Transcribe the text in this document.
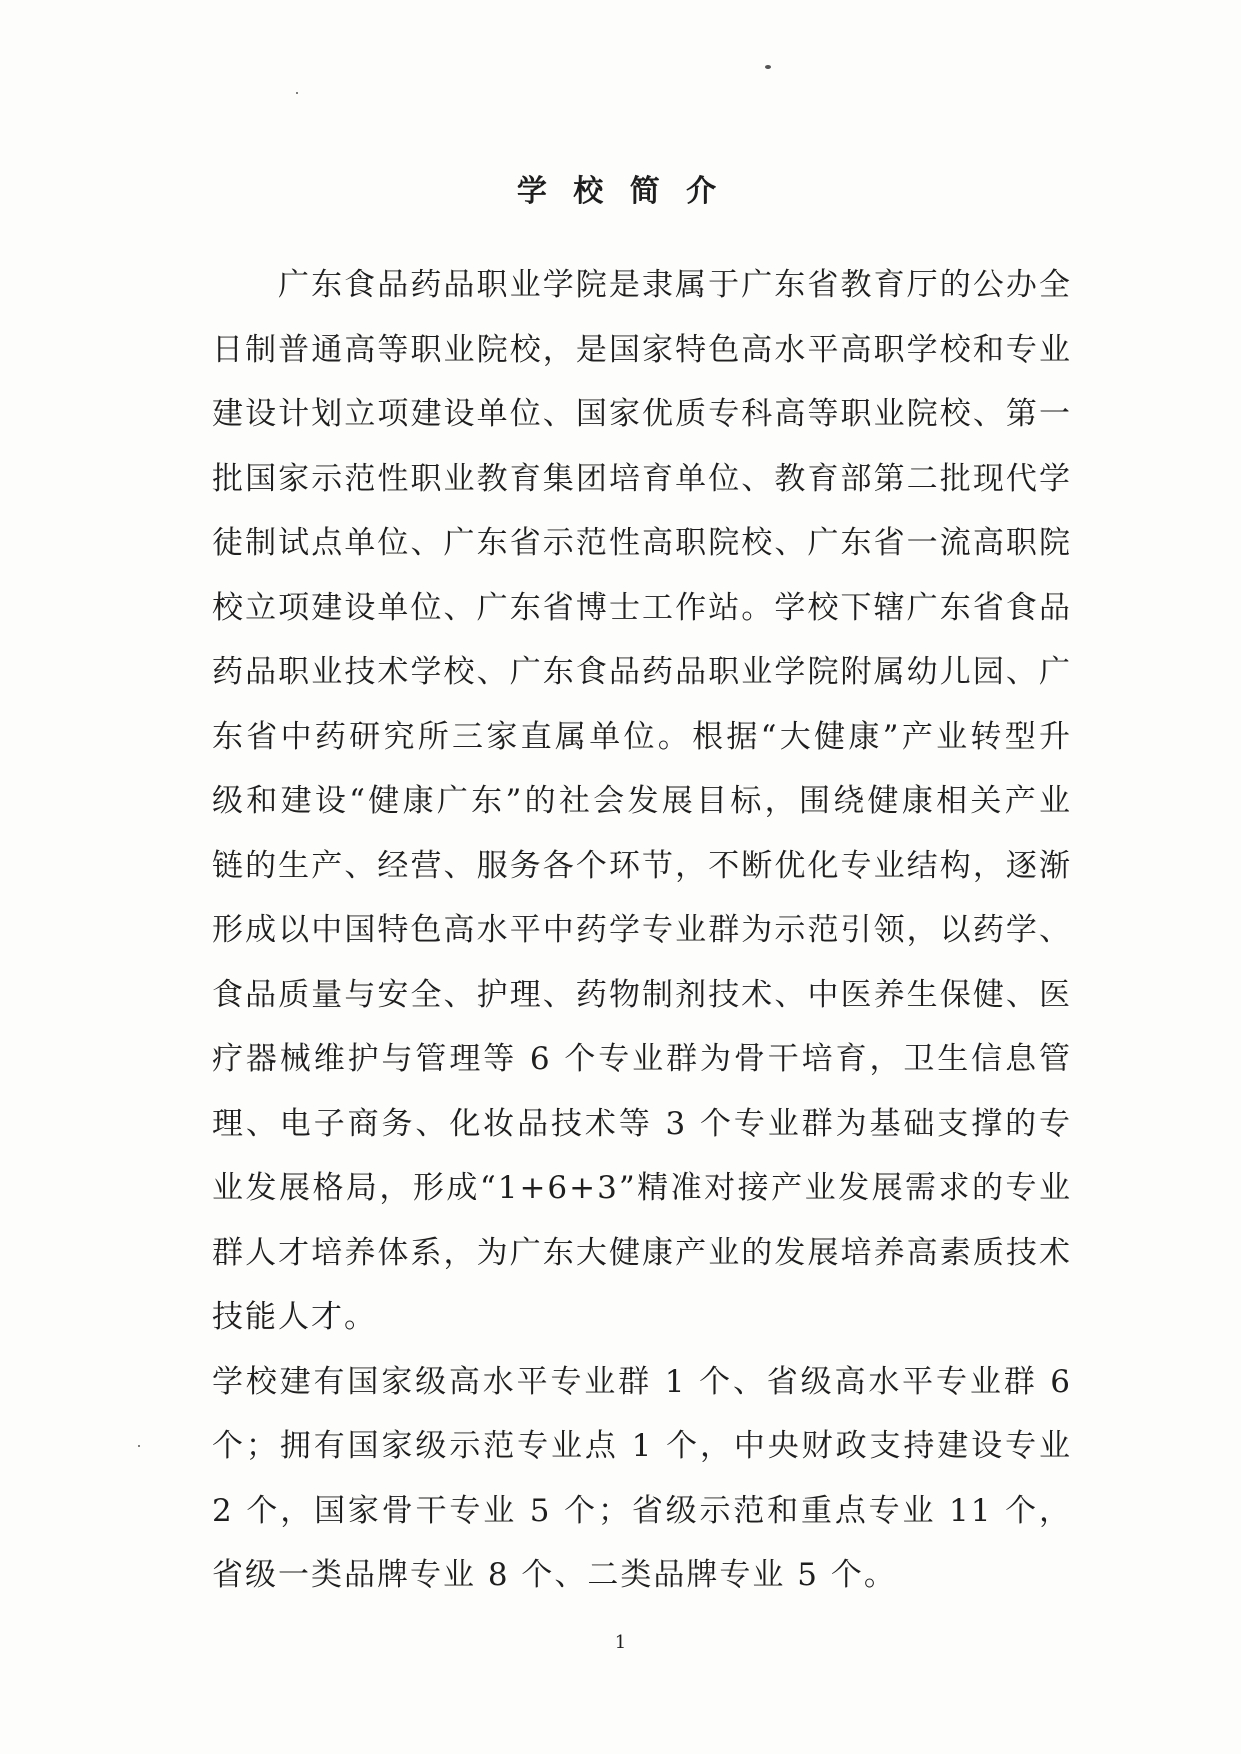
学 校 简 介

广东食品药品职业学院是隶属于广东省教育厅的公办全日制普通高等职业院校，是国家特色高水平高职学校和专业建设计划立项建设单位、国家优质专科高等职业院校、第一批国家示范性职业教育集团培育单位、教育部第二批现代学徒制试点单位、广东省示范性高职院校、广东省一流高职院校立项建设单位、广东省博士工作站。学校下辖广东省食品药品职业技术学校、广东食品药品职业学院附属幼儿园、广东省中药研究所三家直属单位。根据“大健康”产业转型升级和建设“健康广东”的社会发展目标，围绕健康相关产业链的生产、经营、服务各个环节，不断优化专业结构，逐渐形成以中国特色高水平中药学专业群为示范引领，以药学、食品质量与安全、护理、药物制剂技术、中医养生保健、医疗器械维护与管理等 6 个专业群为骨干培育，卫生信息管理、电子商务、化妆品技术等 3 个专业群为基础支撑的专业发展格局，形成“1+6+3”精准对接产业发展需求的专业群人才培养体系，为广东大健康产业的发展培养高素质技术技能人才。

学校建有国家级高水平专业群 1 个、省级高水平专业群 6 个；拥有国家级示范专业点 1 个，中央财政支持建设专业 2 个，国家骨干专业 5 个；省级示范和重点专业 11 个，省级一类品牌专业 8 个、二类品牌专业 5 个。

1
